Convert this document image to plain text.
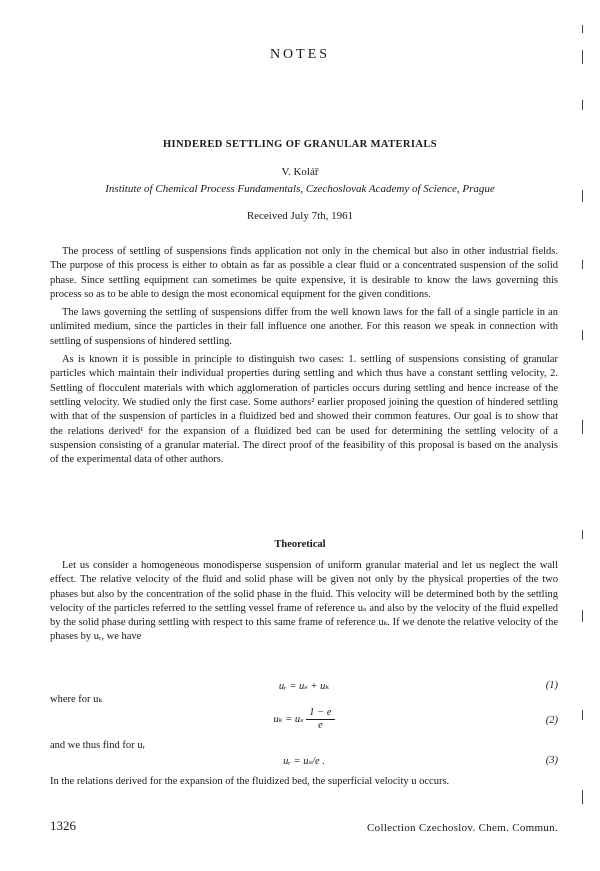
NOTES
HINDERED SETTLING OF GRANULAR MATERIALS
V. Kolář
Institute of Chemical Process Fundamentals, Czechoslovak Academy of Science, Prague
Received July 7th, 1961

The process of settling of suspensions finds application not only in the chemical but also in other industrial fields. The purpose of this process is either to obtain as far as possible a clear fluid or a concentrated suspension of the solid phase. Since settling equipment can sometimes be quite expensive, it is desirable to know the laws governing this process so as to be able to design the most economical equipment for the given conditions.

The laws governing the settling of suspensions differ from the well known laws for the fall of a single particle in an unlimited medium, since the particles in their fall influence one another. For this reason we speak in connection with settling of suspensions of hindered settling.

As is known it is possible in principle to distinguish two cases: 1. settling of suspensions consisting of granular particles which maintain their individual properties during settling and which thus have a constant settling velocity, 2. Settling of flocculent materials with which agglomeration of particles occurs during settling and hence increase of the settling velocity. We studied only the first case. Some authors² earlier proposed joining the question of hindered settling with that of the suspension of particles in a fluidized bed and showed their common features. Our goal is to show that the relations derived¹ for the expansion of a fluidized bed can be used for determining the settling velocity of a suspension consisting of a granular material. The direct proof of the feasibility of this proposal is based on the analysis of the experimental data of other authors.

Theoretical

Let us consider a homogeneous monodisperse suspension of uniform granular material and let us neglect the wall effect. The relative velocity of the fluid and solid phase will be given not only by the physical properties of the two phases but also by the concentration of the solid phase in the fluid. This velocity will be determined both by the settling velocity of the particles referred to the settling vessel frame of reference uₛ and also by the velocity of the fluid expelled by the solid phase during settling with respect to this same frame of reference uₖ. If we denote the relative velocity of the phases by uᵣ, we have

uᵣ = uₛ + uₖ	(1)
where for uₖ
uₖ = uₛ $\frac{1 - e}{e}$	(2)
and we thus find for uᵣ
uᵣ = uₛ/e .	(3)
In the relations derived for the expansion of the fluidized bed, the superficial velocity u occurs.
1326	Collection Czechoslov. Chem. Commun.
